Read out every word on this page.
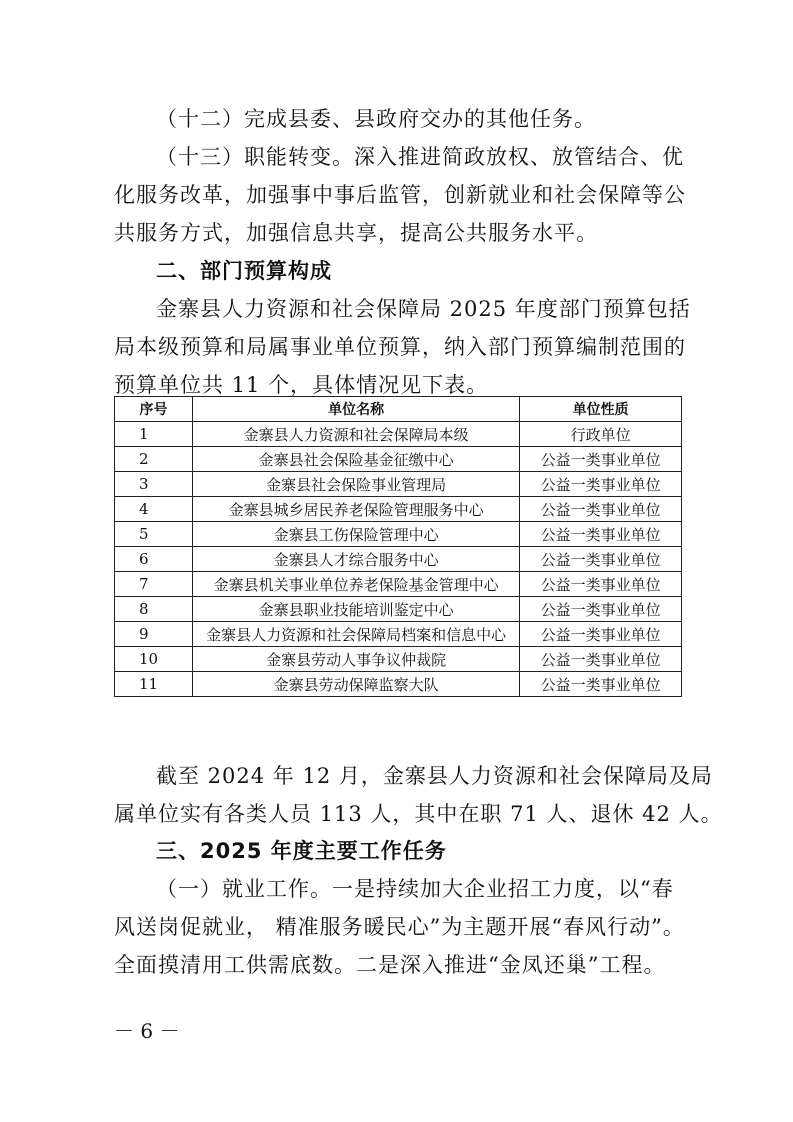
（十二）完成县委、县政府交办的其他任务。

（十三）职能转变。深入推进简政放权、放管结合、优
化服务改革，加强事中事后监管，创新就业和社会保障等公
共服务方式，加强信息共享，提高公共服务水平。

二、部门预算构成

金寨县人力资源和社会保障局 2025 年度部门预算包括
局本级预算和局属事业单位预算，纳入部门预算编制范围的
预算单位共 11 个，具体情况见下表。

序号	单位名称	单位性质
1	金寨县人力资源和社会保障局本级	行政单位
2	金寨县社会保险基金征缴中心	公益一类事业单位
3	金寨县社会保险事业管理局	公益一类事业单位
4	金寨县城乡居民养老保险管理服务中心	公益一类事业单位
5	金寨县工伤保险管理中心	公益一类事业单位
6	金寨县人才综合服务中心	公益一类事业单位
7	金寨县机关事业单位养老保险基金管理中心	公益一类事业单位
8	金寨县职业技能培训鉴定中心	公益一类事业单位
9	金寨县人力资源和社会保障局档案和信息中心	公益一类事业单位
10	金寨县劳动人事争议仲裁院	公益一类事业单位
11	金寨县劳动保障监察大队	公益一类事业单位

截至 2024 年 12 月，金寨县人力资源和社会保障局及局
属单位实有各类人员 113 人，其中在职 71 人、退休 42 人。

三、2025 年度主要工作任务

（一）就业工作。一是持续加大企业招工力度，以“春
风送岗促就业， 精准服务暖民心”为主题开展“春风行动”。
全面摸清用工供需底数。二是深入推进“金凤还巢”工程。

－ 6 －
